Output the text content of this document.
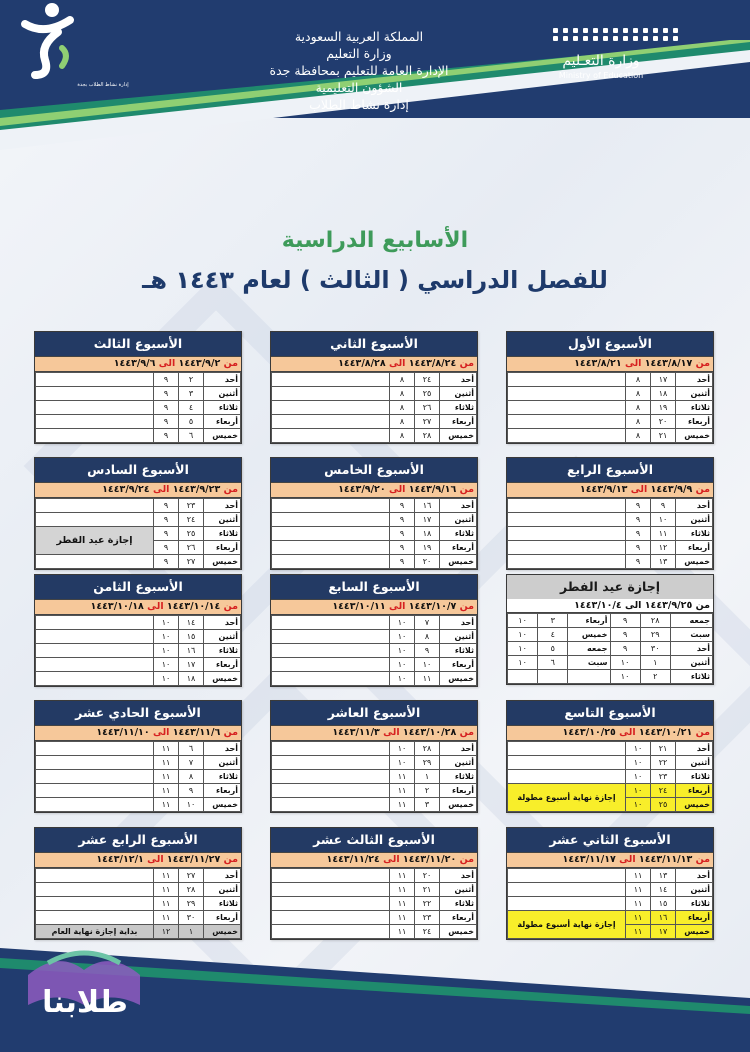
المملكة العربية السعودية
وزارة التعليم
الإدارة العامة للتعليم بمحافظة جدة
الشؤون التعليمية
إدارة نشاط الطلاب
وزارة التعـليم
Ministry of Education
إدارة نشاط الطلاب بجدة
الأسابيع الدراسية
للفصل الدراسي ( الثالث ) لعام ١٤٤٣ هـ
الأسبوع الأول
من ١٤٤٣/٨/١٧ الى ١٤٤٣/٨/٢١
أحد	١٧	٨	
أثنين	١٨	٨	
ثلاثاء	١٩	٨	
أربعاء	٢٠	٨	
خميس	٢١	٨	
الأسبوع الثاني
من ١٤٤٣/٨/٢٤ الى ١٤٤٣/٨/٢٨
أحد	٢٤	٨	
أثنين	٢٥	٨	
ثلاثاء	٢٦	٨	
أربعاء	٢٧	٨	
خميس	٢٨	٨	
الأسبوع الثالث
من ١٤٤٣/٩/٢ الى ١٤٤٣/٩/٦
أحد	٢	٩	
أثنين	٣	٩	
ثلاثاء	٤	٩	
أربعاء	٥	٩	
خميس	٦	٩	
الأسبوع الرابع
من ١٤٤٣/٩/٩ الى ١٤٤٣/٩/١٣
أحد	٩	٩	
أثنين	١٠	٩	
ثلاثاء	١١	٩	
أربعاء	١٢	٩	
خميس	١٣	٩	
الأسبوع الخامس
من ١٤٤٣/٩/١٦ الى ١٤٤٣/٩/٢٠
أحد	١٦	٩	
أثنين	١٧	٩	
ثلاثاء	١٨	٩	
أربعاء	١٩	٩	
خميس	٢٠	٩	
الأسبوع السادس
من ١٤٤٣/٩/٢٣ الى ١٤٤٣/٩/٢٤
أحد	٢٣	٩	
أثنين	٢٤	٩	
ثلاثاء	٢٥	٩	إجازة عيد الفطر
أربعاء	٢٦	٩	
خميس	٢٧	٩	
إجازة عيد الفطر
من ١٤٤٣/٩/٢٥ الى ١٤٤٣/١٠/٤
جمعه	٢٨	٩	أربعاء	٣	١٠
سبت	٢٩	٩	خميس	٤	١٠
أحد	٣٠	٩	جمعه	٥	١٠
أثنين	١	١٠	سبت	٦	١٠
ثلاثاء	٢	١٠			
الأسبوع السابع
من ١٤٤٣/١٠/٧ الى ١٤٤٣/١٠/١١
أحد	٧	١٠	
أثنين	٨	١٠	
ثلاثاء	٩	١٠	
أربعاء	١٠	١٠	
خميس	١١	١٠	
الأسبوع الثامن
من ١٤٤٣/١٠/١٤ الى ١٤٤٣/١٠/١٨
أحد	١٤	١٠	
أثنين	١٥	١٠	
ثلاثاء	١٦	١٠	
أربعاء	١٧	١٠	
خميس	١٨	١٠	
الأسبوع التاسع
من ١٤٤٣/١٠/٢١ الى ١٤٤٣/١٠/٢٥
أحد	٢١	١٠	
أثنين	٢٢	١٠	
ثلاثاء	٢٣	١٠	
أربعاء	٢٤	١٠	إجازة نهاية أسبوع مطولة
خميس	٢٥	١٠	
الأسبوع العاشر
من ١٤٤٣/١٠/٢٨ الى ١٤٤٣/١١/٣
أحد	٢٨	١٠	
أثنين	٢٩	١٠	
ثلاثاء	١	١١	
أربعاء	٢	١١	
خميس	٣	١١	
الأسبوع الحادي عشر
من ١٤٤٣/١١/٦ الى ١٤٤٣/١١/١٠
أحد	٦	١١	
أثنين	٧	١١	
ثلاثاء	٨	١١	
أربعاء	٩	١١	
خميس	١٠	١١	
الأسبوع الثاني عشر
من ١٤٤٣/١١/١٣ الى ١٤٤٣/١١/١٧
أحد	١٣	١١	
أثنين	١٤	١١	
ثلاثاء	١٥	١١	
أربعاء	١٦	١١	إجازة نهاية أسبوع مطولة
خميس	١٧	١١	
الأسبوع الثالث عشر
من ١٤٤٣/١١/٢٠ الى ١٤٤٣/١١/٢٤
أحد	٢٠	١١	
أثنين	٢١	١١	
ثلاثاء	٢٢	١١	
أربعاء	٢٣	١١	
خميس	٢٤	١١	
الأسبوع الرابع عشر
من ١٤٤٣/١١/٢٧ الى ١٤٤٣/١٢/١
أحد	٢٧	١١	
أثنين	٢٨	١١	
ثلاثاء	٢٩	١١	
أربعاء	٣٠	١١	
خميس	١	١٢	بداية إجازة نهاية العام
طلابنا
